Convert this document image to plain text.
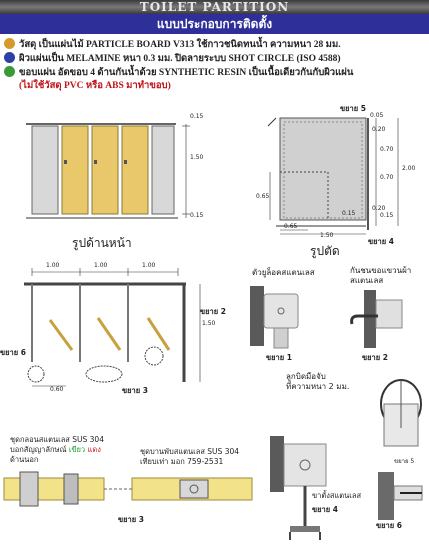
TOILET PARTITION
แบบประกอบการติดตั้ง

วัสดุ เป็นแผ่นไม้ PARTICLE BOARD V313 ใช้กาวชนิดทนน้ำ ความหนา 28 มม.

ผิวแผ่นเป็น MELAMINE หนา 0.3 มม. ปิดลายระบบ SHOT CIRCLE (ISO 4588)

ขอบแผ่น อัดขอบ 4 ด้านกันน้ำด้วย SYNTHETIC RESIN เป็นเนื้อเดียวกันกับผิวแผ่น

(ไม่ใช้วัสดุ PVC หรือ ABS มาทำขอบ)

0.15
1.50
0.15
รูปด้านหน้า
0.05
0.20
0.70
0.70
0.20
2.00
0.65
0.65
1.50
0.15
0.15
ขยาย 5
ขยาย 4
รูปตัด
1.00	1.00	1.00
1.50
0.60
ขยาย 2
ขยาย 6
ขยาย 3
ตัวยูล็อคสแตนเลส
ขยาย 1
กันชนขอแขวนผ้า
สแตนเลส
ขยาย 2
ลูกบิดมือจับ
ที่ความหนา 2 มม.
ขยาย 5
ชุดกลอนสแตนเลส SUS 304
บอกสัญญาลักษณ์ เขียว แดง
ด้านนอก
ชุดบานพับสแตนเลส SUS 304
เทียบเท่า มอก 759-2531
ขยาย 3
ขาตั้งสแตนเลส
ขยาย 4
ขยาย 6
